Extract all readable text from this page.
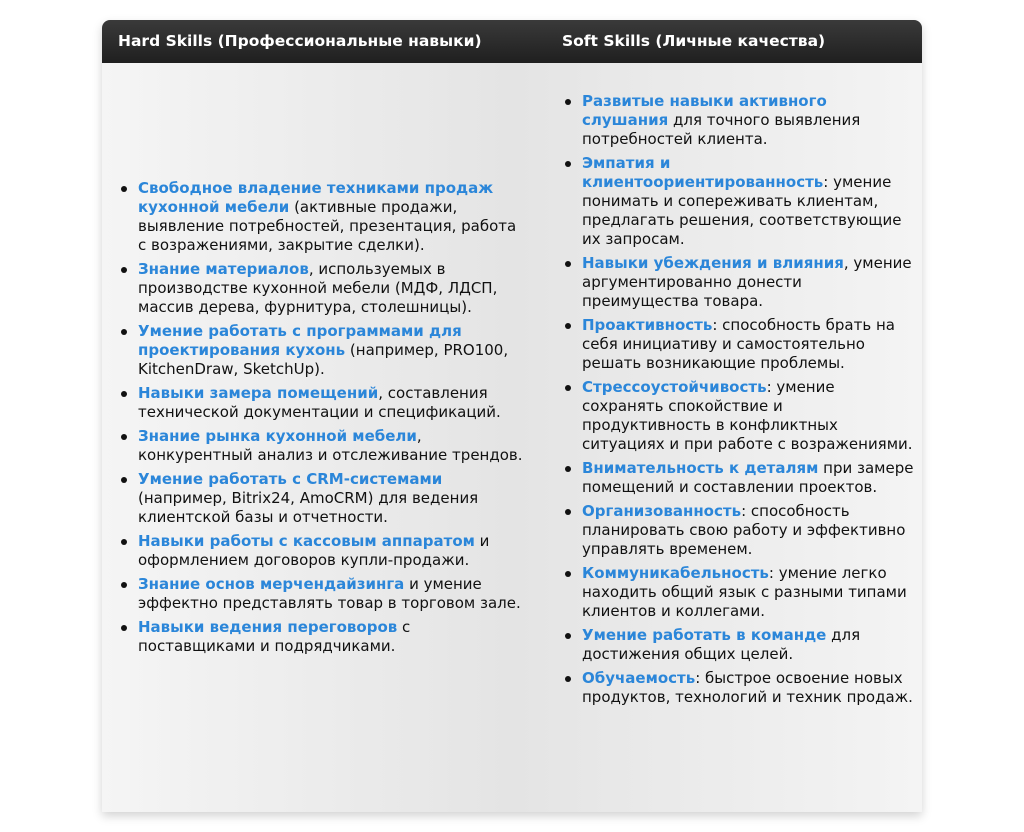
Hard Skills (Профессиональные навыки)	Soft Skills (Личные качества)
Свободное владение техниками продаж кухонной мебели (активные продажи, выявление потребностей, презентация, работа с возражениями, закрытие сделки).
Знание материалов, используемых в производстве кухонной мебели (МДФ, ЛДСП, массив дерева, фурнитура, столешницы).
Умение работать с программами для проектирования кухонь (например, PRO100, KitchenDraw, SketchUp).
Навыки замера помещений, составления технической документации и спецификаций.
Знание рынка кухонной мебели, конкурентный анализ и отслеживание трендов.
Умение работать с CRM-системами (например, Bitrix24, AmoCRM) для ведения клиентской базы и отчетности.
Навыки работы с кассовым аппаратом и оформлением договоров купли-продажи.
Знание основ мерчендайзинга и умение эффектно представлять товар в торговом зале.
Навыки ведения переговоров с поставщиками и подрядчиками.
Развитые навыки активного слушания для точного выявления потребностей клиента.
Эмпатия и клиентоориентированность: умение понимать и сопереживать клиентам, предлагать решения, соответствующие их запросам.
Навыки убеждения и влияния, умение аргументированно донести преимущества товара.
Проактивность: способность брать на себя инициативу и самостоятельно решать возникающие проблемы.
Стрессоустойчивость: умение сохранять спокойствие и продуктивность в конфликтных ситуациях и при работе с возражениями.
Внимательность к деталям при замере помещений и составлении проектов.
Организованность: способность планировать свою работу и эффективно управлять временем.
Коммуникабельность: умение легко находить общий язык с разными типами клиентов и коллегами.
Умение работать в команде для достижения общих целей.
Обучаемость: быстрое освоение новых продуктов, технологий и техник продаж.
